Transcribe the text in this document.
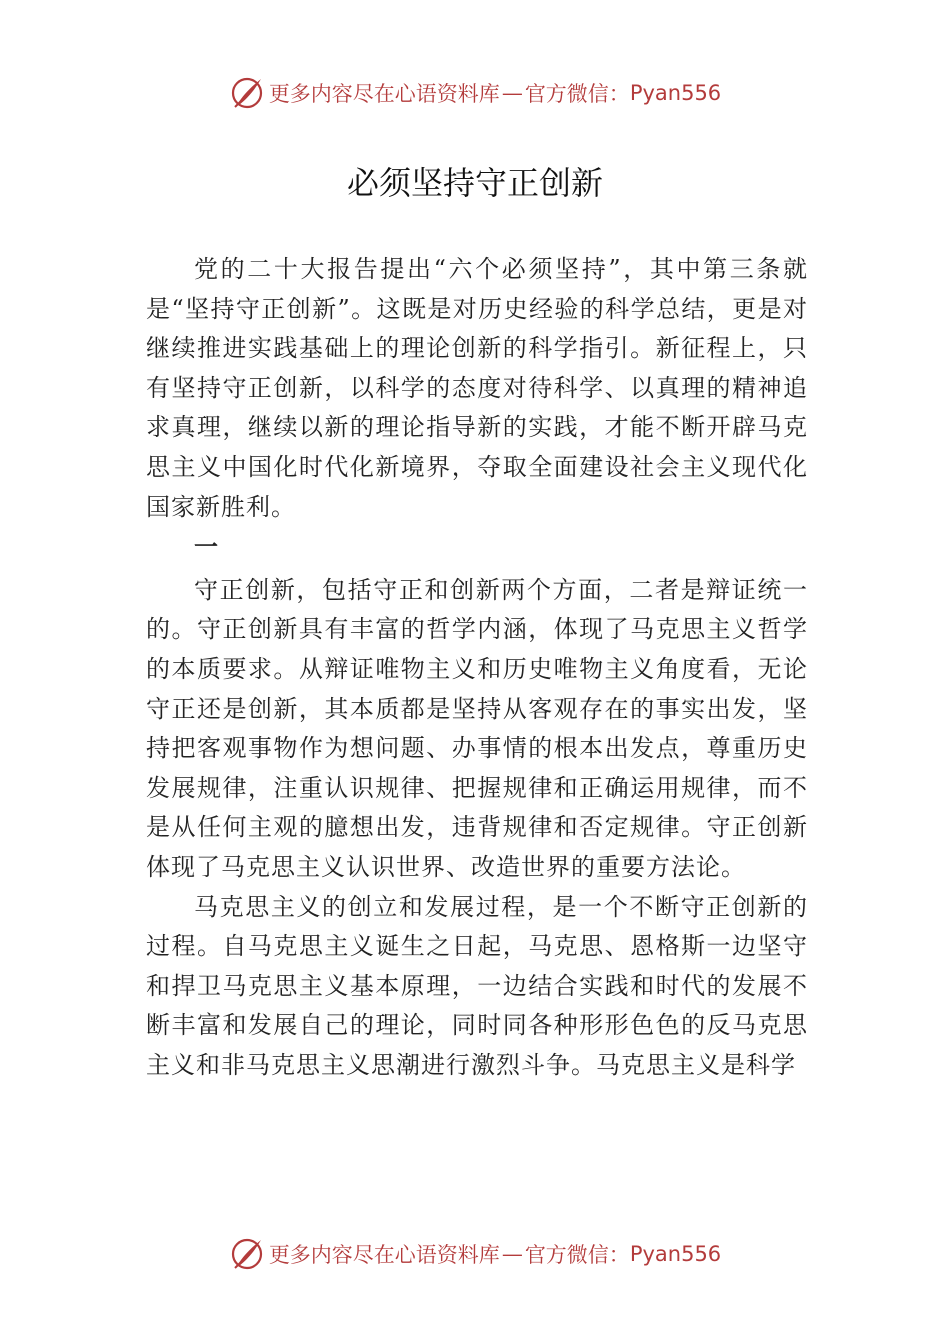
更多内容尽在心语资料库 — 官方微信： Pyan556
必须坚持守正创新

党的二十大报告提出“六个必须坚持”，其中第三条就是“坚持守正创新”。这既是对历史经验的科学总结，更是对继续推进实践基础上的理论创新的科学指引。新征程上，只有坚持守正创新，以科学的态度对待科学、以真理的精神追求真理，继续以新的理论指导新的实践，才能不断开辟马克思主义中国化时代化新境界，夺取全面建设社会主义现代化国家新胜利。

一

守正创新，包括守正和创新两个方面，二者是辩证统一的。守正创新具有丰富的哲学内涵，体现了马克思主义哲学的本质要求。从辩证唯物主义和历史唯物主义角度看，无论守正还是创新，其本质都是坚持从客观存在的事实出发，坚持把客观事物作为想问题、办事情的根本出发点，尊重历史发展规律，注重认识规律、把握规律和正确运用规律，而不是从任何主观的臆想出发，违背规律和否定规律。守正创新体现了马克思主义认识世界、改造世界的重要方法论。

马克思主义的创立和发展过程，是一个不断守正创新的过程。自马克思主义诞生之日起，马克思、恩格斯一边坚守和捍卫马克思主义基本原理，一边结合实践和时代的发展不断丰富和发展自己的理论，同时同各种形形色色的反马克思主义和非马克思主义思潮进行激烈斗争。马克思主义是科学

更多内容尽在心语资料库 — 官方微信： Pyan556
